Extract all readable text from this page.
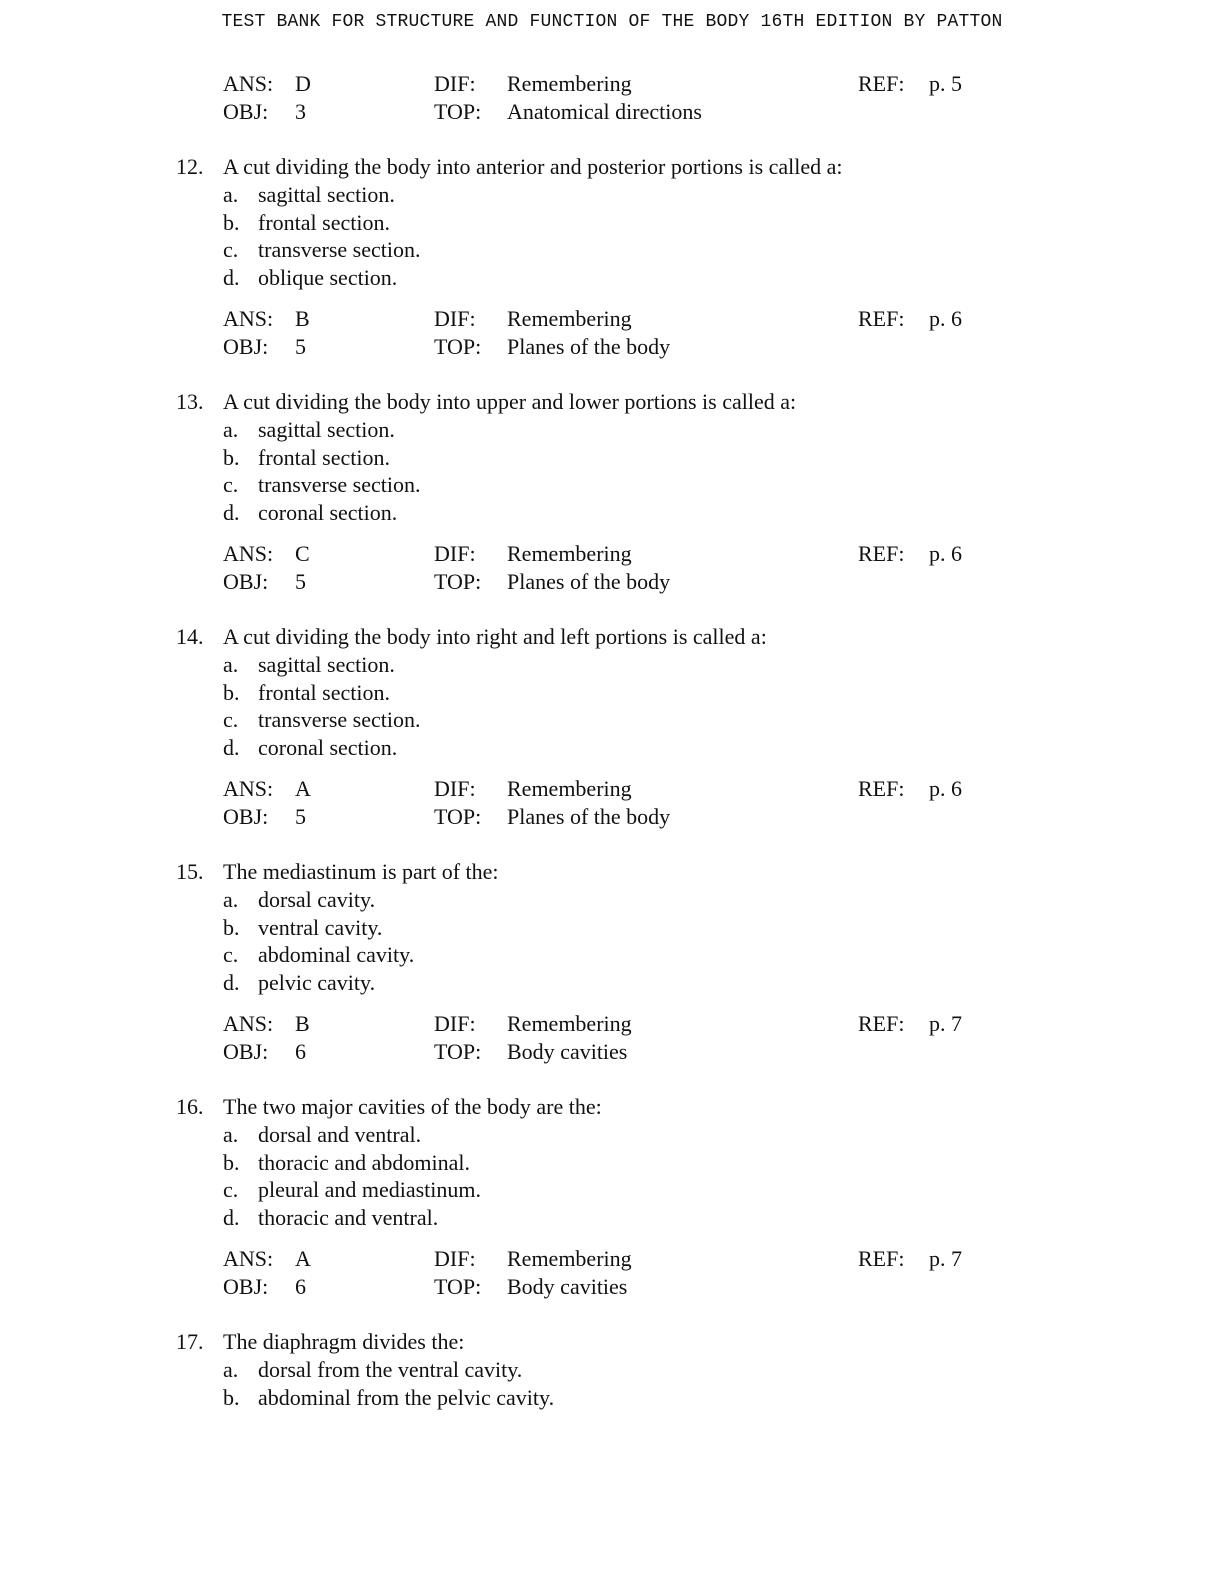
TEST BANK FOR STRUCTURE AND FUNCTION OF THE BODY 16TH EDITION BY PATTON
ANS: D	DIF: Remembering	REF: p. 5
OBJ: 3	TOP: Anatomical directions
12. A cut dividing the body into anterior and posterior portions is called a:
a. sagittal section.
b. frontal section.
c. transverse section.
d. oblique section.
ANS: B	DIF: Remembering	REF: p. 6
OBJ: 5	TOP: Planes of the body
13. A cut dividing the body into upper and lower portions is called a:
a. sagittal section.
b. frontal section.
c. transverse section.
d. coronal section.
ANS: C	DIF: Remembering	REF: p. 6
OBJ: 5	TOP: Planes of the body
14. A cut dividing the body into right and left portions is called a:
a. sagittal section.
b. frontal section.
c. transverse section.
d. coronal section.
ANS: A	DIF: Remembering	REF: p. 6
OBJ: 5	TOP: Planes of the body
15. The mediastinum is part of the:
a. dorsal cavity.
b. ventral cavity.
c. abdominal cavity.
d. pelvic cavity.
ANS: B	DIF: Remembering	REF: p. 7
OBJ: 6	TOP: Body cavities
16. The two major cavities of the body are the:
a. dorsal and ventral.
b. thoracic and abdominal.
c. pleural and mediastinum.
d. thoracic and ventral.
ANS: A	DIF: Remembering	REF: p. 7
OBJ: 6	TOP: Body cavities
17. The diaphragm divides the:
a. dorsal from the ventral cavity.
b. abdominal from the pelvic cavity.
